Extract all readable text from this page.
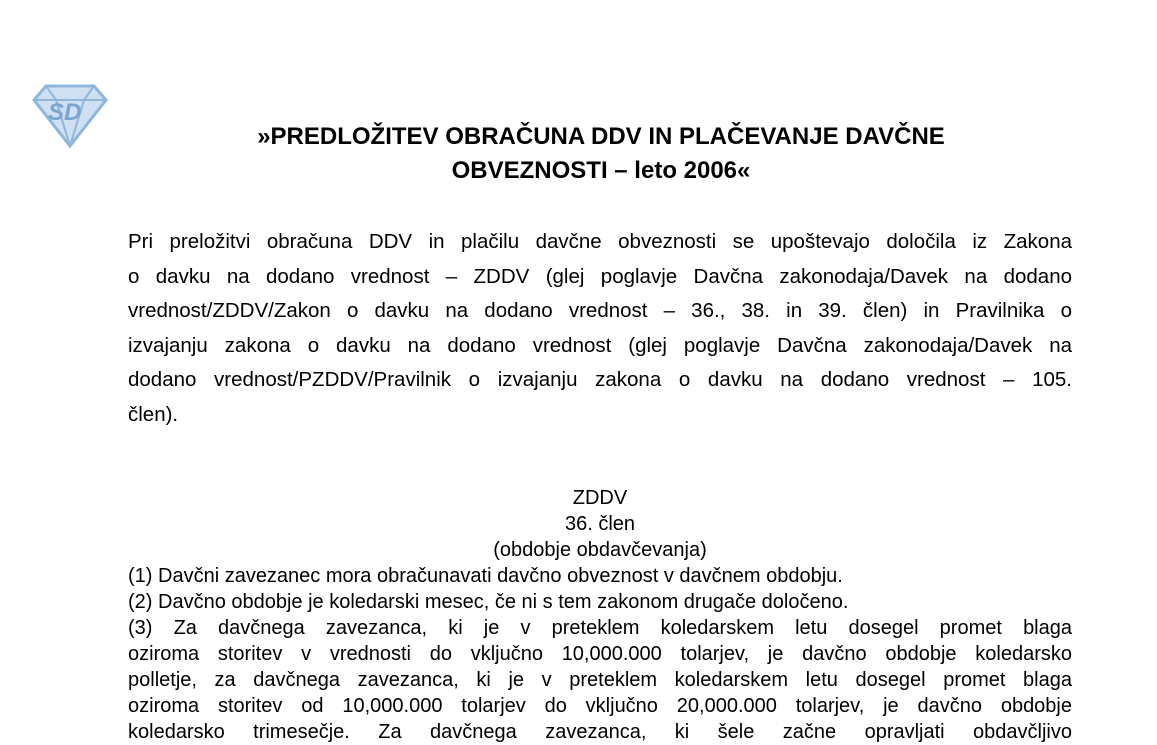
SD
»PREDLOŽITEV OBRAČUNA DDV IN PLAČEVANJE DAVČNE
OBVEZNOSTI – leto 2006«
Pri preložitvi obračuna DDV in plačilu davčne obveznosti se upoštevajo določila iz Zakona
o davku na dodano vrednost – ZDDV (glej poglavje Davčna zakonodaja/Davek na dodano
vrednost/ZDDV/Zakon o davku na dodano vrednost – 36., 38. in 39. člen) in Pravilnika o
izvajanju zakona o davku na dodano vrednost (glej poglavje Davčna zakonodaja/Davek na
dodano vrednost/PZDDV/Pravilnik o izvajanju zakona o davku na dodano vrednost – 105.
člen).
ZDDV
36. člen
(obdobje obdavčevanja)
(1) Davčni zavezanec mora obračunavati davčno obveznost v davčnem obdobju.
(2) Davčno obdobje je koledarski mesec, če ni s tem zakonom drugače določeno.
(3) Za davčnega zavezanca, ki je v preteklem koledarskem letu dosegel promet blaga
oziroma storitev v vrednosti do vključno 10,000.000 tolarjev, je davčno obdobje koledarsko
polletje, za davčnega zavezanca, ki je v preteklem koledarskem letu dosegel promet blaga
oziroma storitev od 10,000.000 tolarjev do vključno 20,000.000 tolarjev, je davčno obdobje
koledarsko trimesečje. Za davčnega zavezanca, ki šele začne opravljati obdavčljivo
